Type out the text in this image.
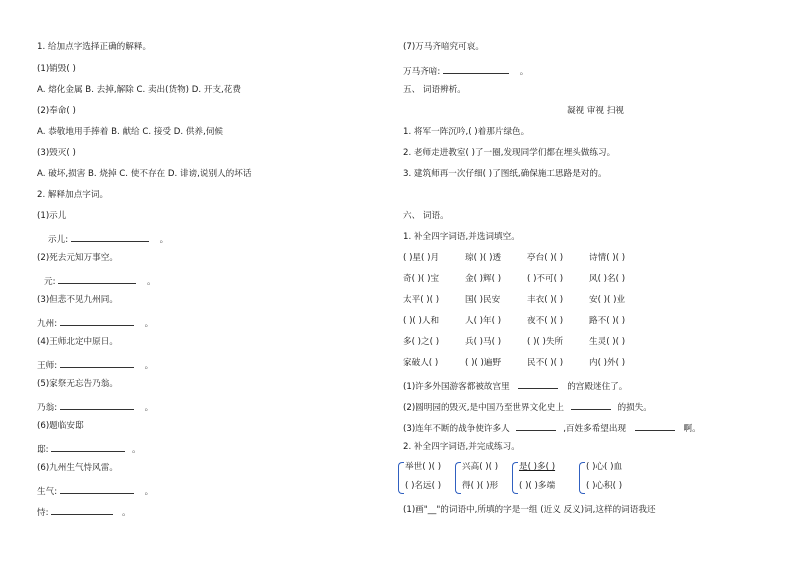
1. 给加点字选择正确的解释。
(1)销毁( )
A. 熔化金属 B. 去掉,解除 C. 卖出(货物) D. 开支,花费
(2)奉命( )
A. 恭敬地用手捧着 B. 献给 C. 接受 D. 供养,伺候
(3)毁灭( )
A. 破坏,损害 B. 烧掉 C. 使不存在 D. 诽谤,说别人的坏话
2. 解释加点字词。
(1)示儿
示儿:	。
(2)死去元知万事空。
元:	。
(3)但悲不见九州同。
九州:	。
(4)王师北定中原日。
王师:	。
(5)家祭无忘告乃翁。
乃翁:	。
(6)题临安邸
邸:	。
(6)九州生气恃风雷。
生气:	。
恃:	。
(7)万马齐喑究可哀。
万马齐喑:	。
五、 词语辨析。
凝视 审视 扫视
1. 将军一阵沉吟,( )着那片绿色。
2. 老师走进教室( )了一圈,发现同学们都在埋头做练习。
3. 建筑师再一次仔细( )了图纸,确保施工思路是对的。
六、 词语。
1. 补全四字词语,并选词填空。
( )星( )月	琼( )( )透	亭台( )( )	诗情( )( )
奇( )( )宝	金( )辉( )	( )不可( )	风( )名( )
太平( )( )	国( )民安	丰衣( )( )	安( )( )业
( )( )人和	人( )年( )	夜不( )( )	路不( )( )
多( )之( )	兵( )马( )	( )( )失所	生灵( )( )
家破人( )	( )( )遍野	民不( )( )	内( )外( )
(1)许多外国游客都被故宫里	的宫殿迷住了。
(2)圆明园的毁灭,是中国乃至世界文化史上	的损失。
(3)连年不断的战争使许多人	,百姓多希望出现	啊。
2. 补全四字词语,并完成练习。
举世( )( )
( )名远( )
兴高( )( )
得( )( )形
是( )多( )
( )( )多端
( )心( )血
( )心积( )
(1)画"__"的词语中,所填的字是一组 (近义 反义)词,这样的词语我还
